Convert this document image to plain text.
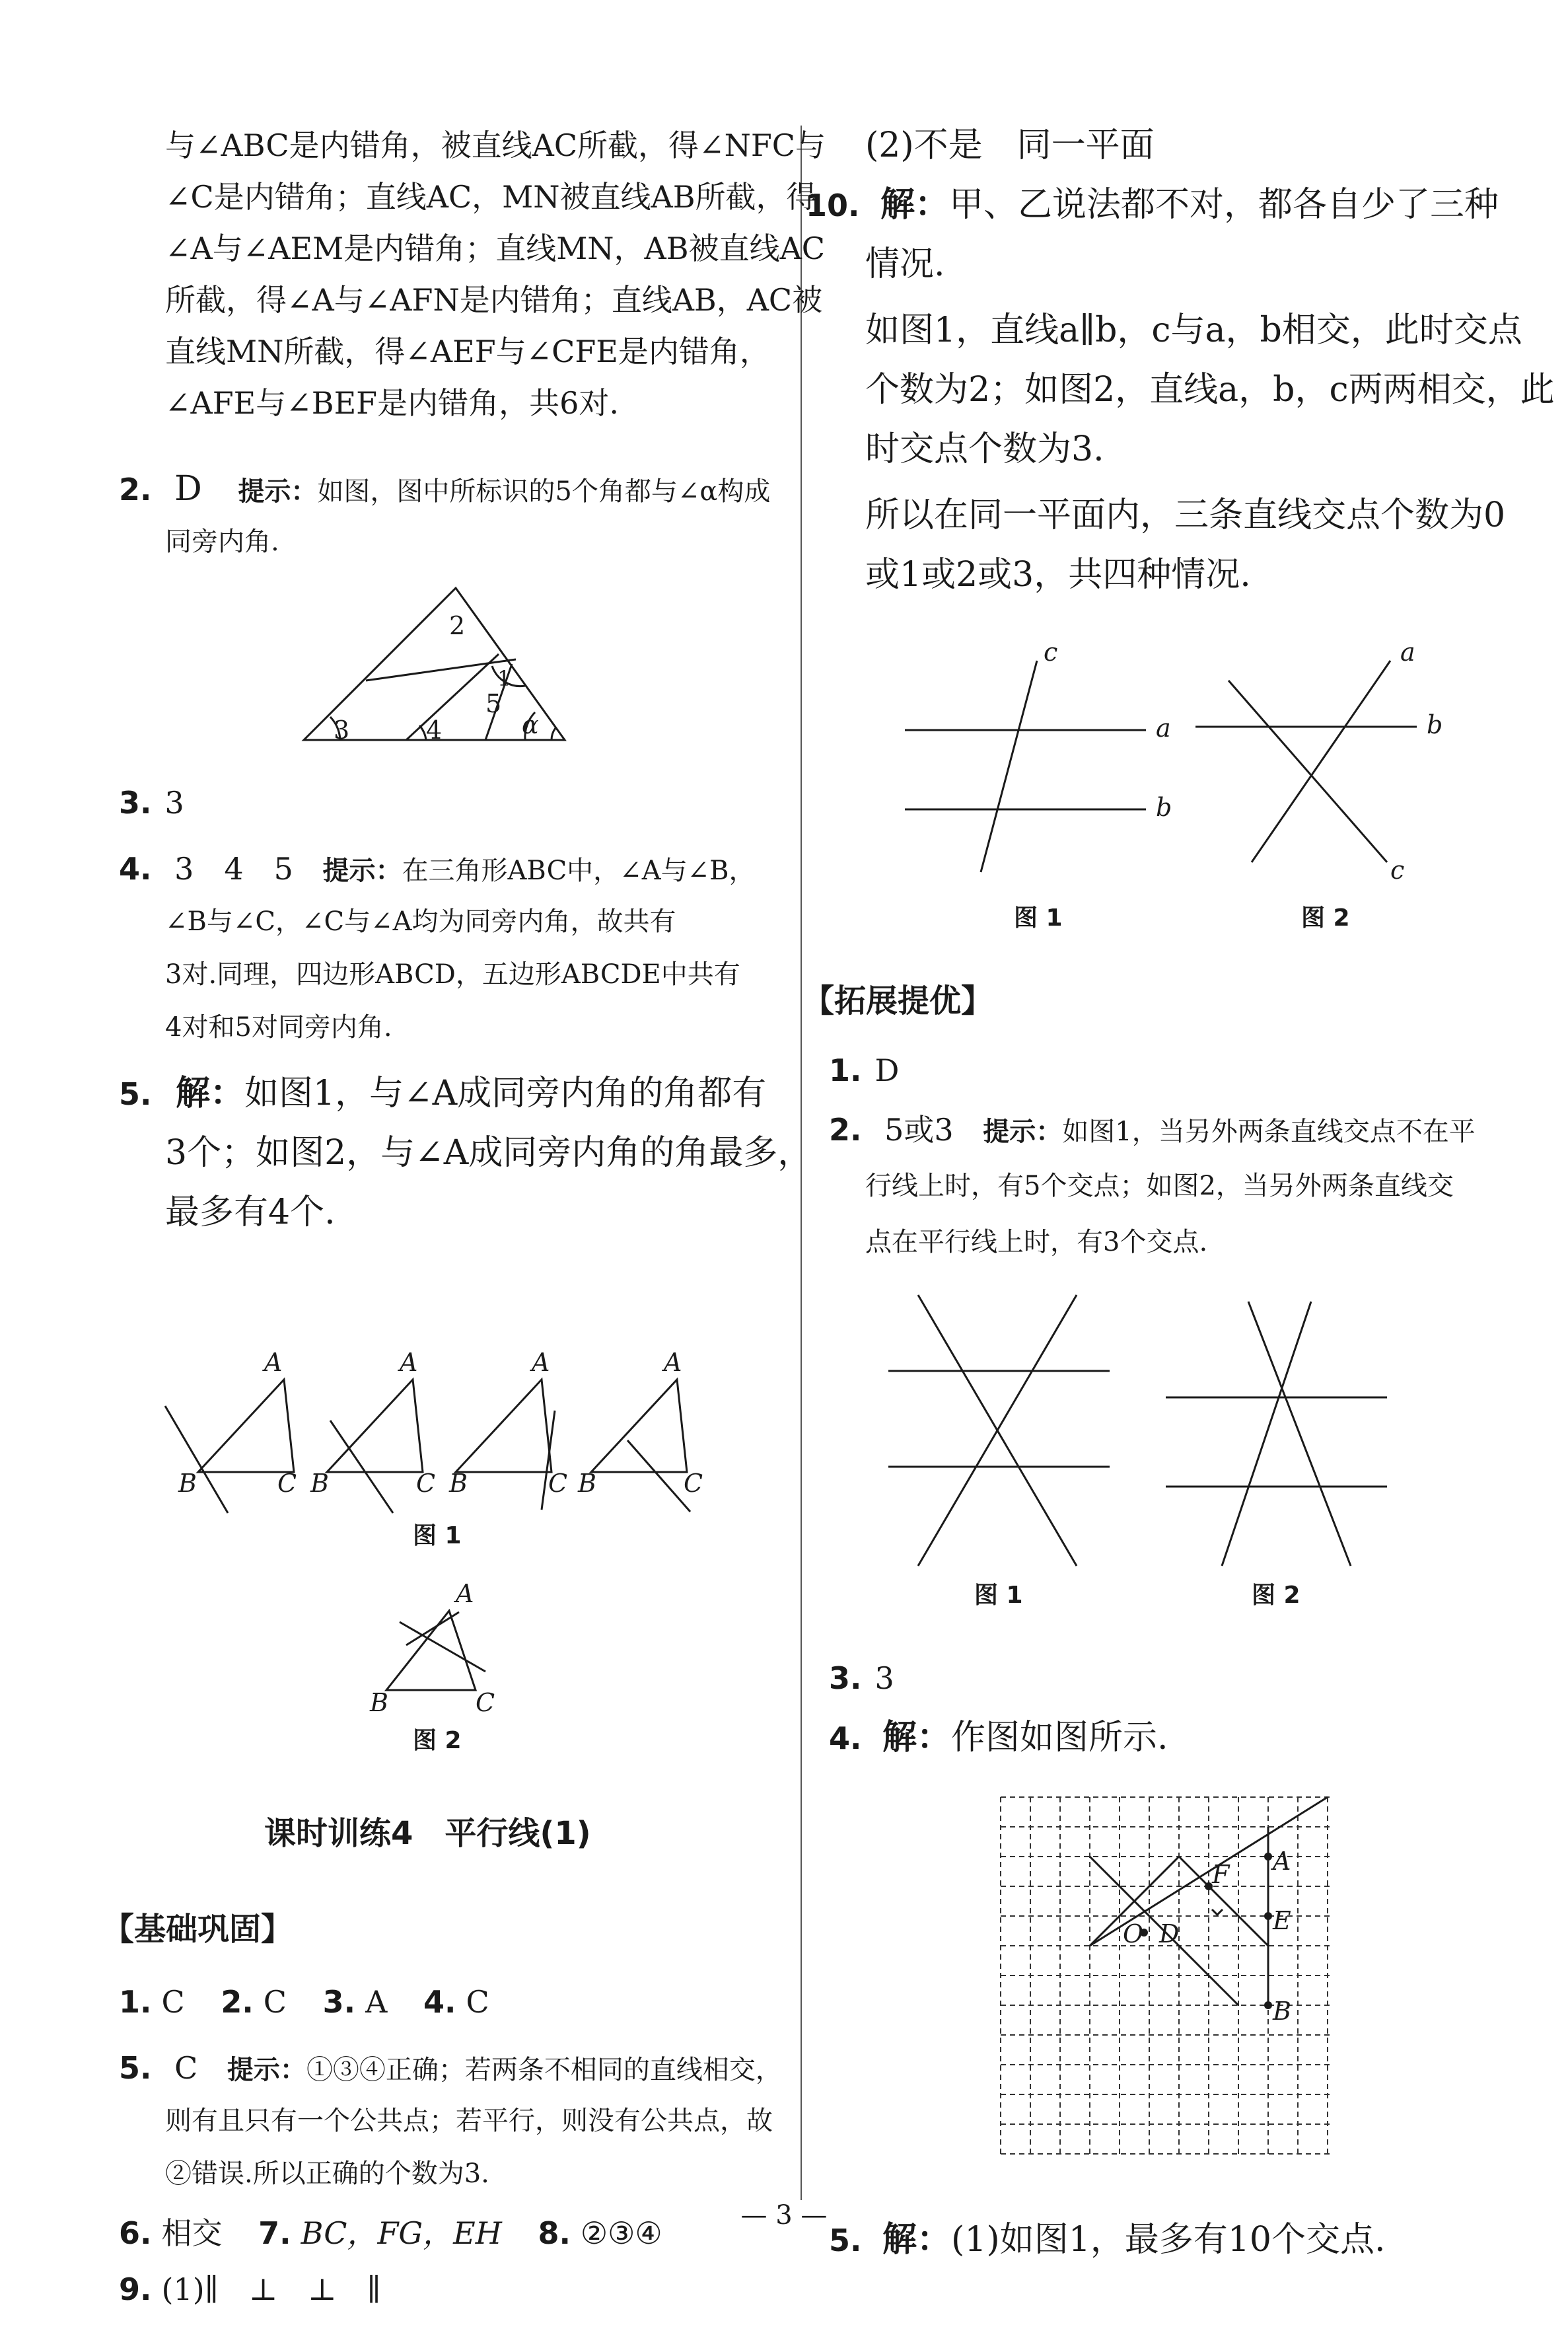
与∠ABC是内错角，被直线AC所截，得∠NFC与
∠C是内错角；直线AC，MN被直线AB所截，得
∠A与∠AEM是内错角；直线MN，AB被直线AC
所截，得∠A与∠AFN是内错角；直线AB，AC被
直线MN所截，得∠AEF与∠CFE是内错角，
∠AFE与∠BEF是内错角，共6对.
2. D 提示：如图，图中所标识的5个角都与∠α构成
同旁内角.
2
1
5
3	4	α
3. 3
4. 3　4　5 提示：在三角形ABC中，∠A与∠B，
∠B与∠C，∠C与∠A均为同旁内角，故共有
3对.同理，四边形ABCD，五边形ABCDE中共有
4对和5对同旁内角.
5. 解：如图1，与∠A成同旁内角的角都有
3个；如图2，与∠A成同旁内角的角最多，
最多有4个.
A
B	C
A
B	C
A
B	C
A
B	C
图 1
A
B	C
图 2
课时训练4　平行线(1)
【基础巩固】
1. C 2. C 3. A 4. C
5. C 提示：①③④正确；若两条不相同的直线相交，
则有且只有一个公共点；若平行，则没有公共点，故
②错误.所以正确的个数为3.
6. 相交 7. BC，FG，EH 8. ②③④
9. (1)∥　⊥　⊥　∥
(2)不是　同一平面
10. 解：甲、乙说法都不对，都各自少了三种
情况.
如图1，直线a∥b，c与a，b相交，此时交点
个数为2；如图2，直线a，b，c两两相交，此
时交点个数为3.
所以在同一平面内，三条直线交点个数为0
或1或2或3，共四种情况.
c
a
b
图 1
a
b
c
图 2
【拓展提优】
1. D
2. 5或3 提示：如图1，当另外两条直线交点不在平
行线上时，有5个交点；如图2，当另外两条直线交
点在平行线上时，有3个交点.
图 1	图 2
3. 3
4. 解：作图如图所示.
A
B
E
F
O D
5. 解：(1)如图1，最多有10个交点.
— 3 —
